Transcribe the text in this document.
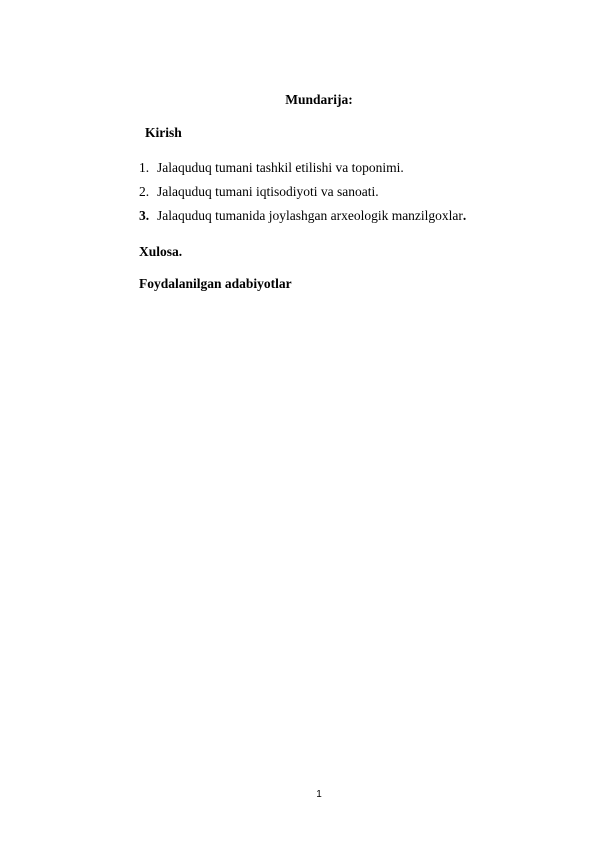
Mundarija:
Kirish
1. Jalaquduq tumani tashkil etilishi va toponimi.
2. Jalaquduq tumani iqtisodiyoti va sanoati.
3. Jalaquduq tumanida joylashgan arxeologik manzilgoxlar.
Xulosa.
Foydalanilgan adabiyotlar
1
